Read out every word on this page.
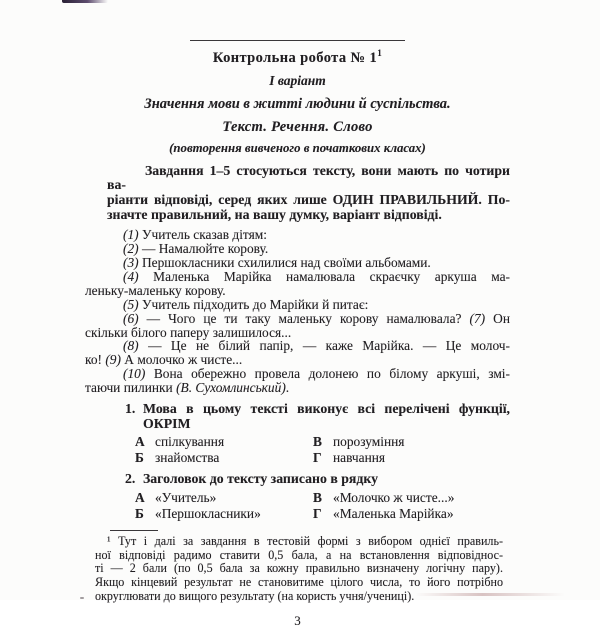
Контрольна робота № $1^1$
І варіант
Значення мови в житті людини й суспільства.
Текст. Речення. Слово
(повторення вивченого в початкових класах)
Завдання 1–5 стосуються тексту, вони мають по чотири ва-
ріанти відповіді, серед яких лише ОДИН ПРАВИЛЬНИЙ. По-
значте правильний, на вашу думку, варіант відповіді.
(1) Учитель сказав дітям:
(2) — Намалюйте корову.
(3) Першокласники схилилися над своїми альбомами.
(4) Маленька Марійка намалювала скраєчку аркуша ма-
леньку-маленьку корову.
(5) Учитель підходить до Марійки й питає:
(6) — Чого це ти таку маленьку корову намалювала? (7) Он
скільки білого паперу залишилося...
(8) — Це не білий папір, — каже Марійка. — Це молоч-
ко! (9) А молочко ж чисте...
(10) Вона обережно провела долонею по білому аркуші, змі-
таючи пилинки (В. Сухомлинський).
1. Мова в цьому тексті виконує всі перелічені функції,
ОКРІМ
А спілкування
Б знайомства
В порозуміння
Г навчання
2. Заголовок до тексту записано в рядку
А «Учитель»
Б «Першокласники»
В «Молочко ж чисте...»
Г «Маленька Марійка»
¹ Тут і далі за завдання в тестовій формі з вибором однієї правиль-
ної відповіді радимо ставити 0,5 бала, а на встановлення відповіднос-
ті — 2 бали (по 0,5 бала за кожну правильно визначену логічну пару).
Якщо кінцевий результат не становитиме цілого числа, то його потрібно
округлювати до вищого результату (на користь учня/учениці).
3
